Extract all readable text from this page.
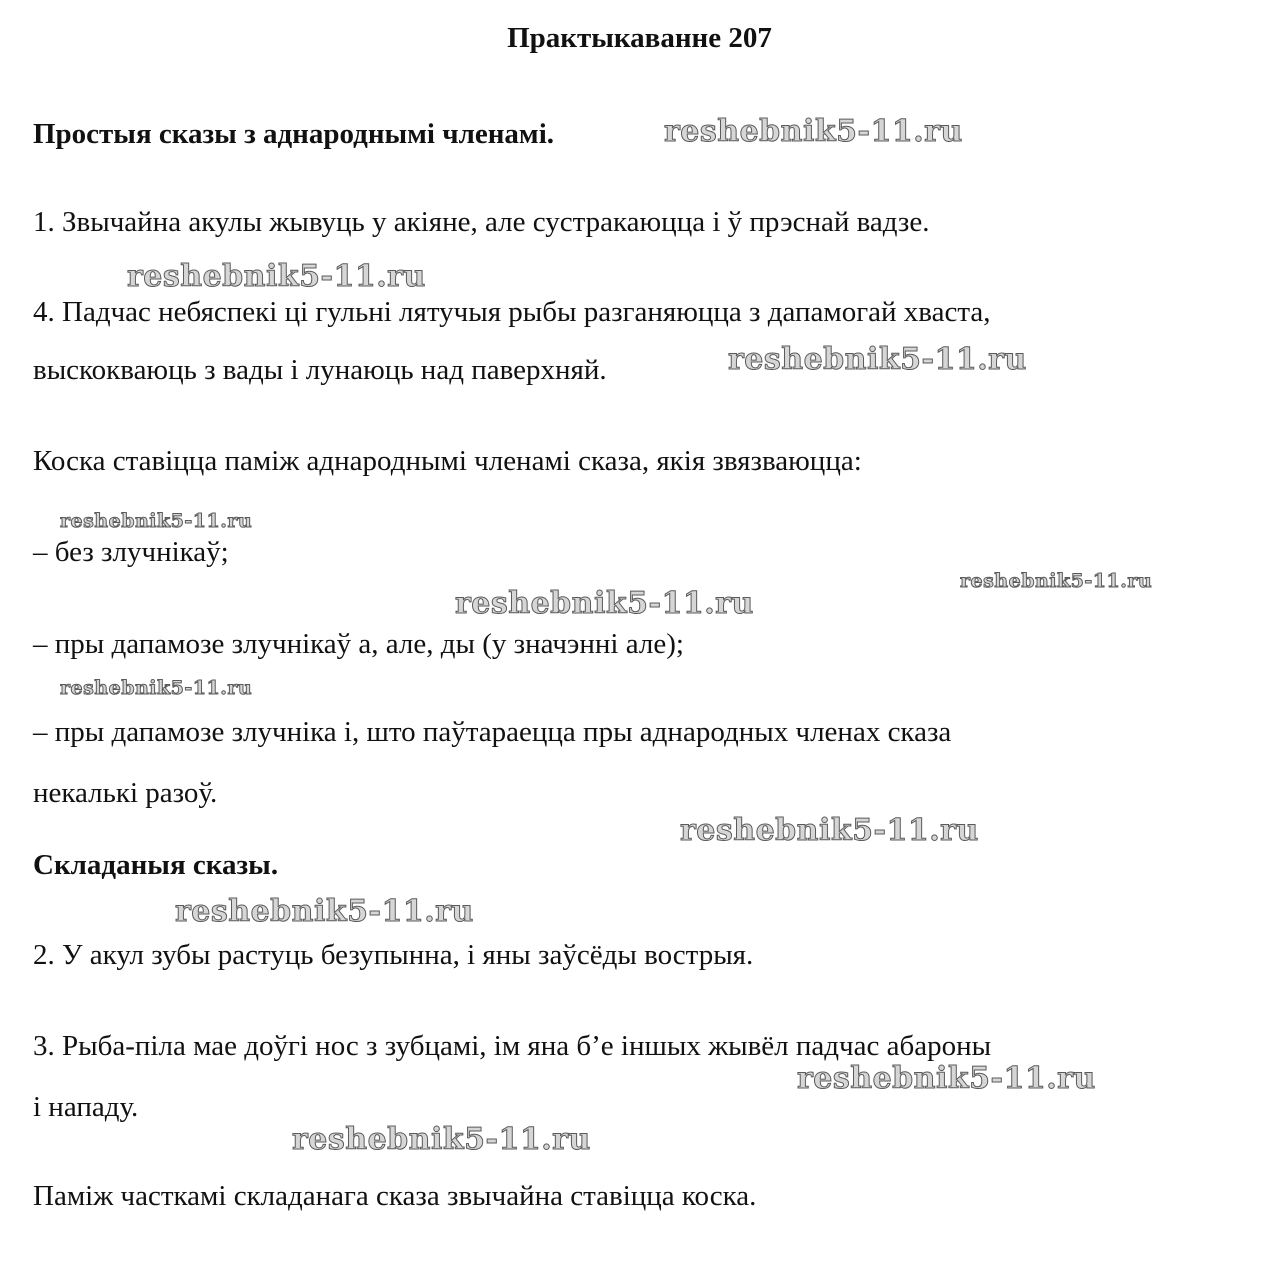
Практыкаванне 207
Простыя сказы з аднароднымі членамі.
1. Звычайна акулы жывуць у акіяне, але сустракаюцца і ў прэснай вадзе.
4. Падчас небяспекі ці гульні лятучыя рыбы разганяюцца з дапамогай хваста,
выскокваюць з вады і лунаюць над паверхняй.
Коска ставіцца паміж аднароднымі членамі сказа, якія звязваюцца:
– без злучнікаў;
– пры дапамозе злучнікаў а, але, ды (у значэнні але);
– пры дапамозе злучніка і, што паўтараецца пры аднародных членах сказа
некалькі разоў.
Складаныя сказы.
2. У акул зубы растуць безупынна, і яны заўсёды вострыя.
3. Рыба-піла мае доўгі нос з зубцамі, ім яна б’е іншых жывёл падчас абароны
і нападу.
Паміж часткамі складанага сказа звычайна ставіцца коска.
reshebnik5-11.ru
reshebnik5-11.ru
reshebnik5-11.ru
reshebnik5-11.ru
reshebnik5-11.ru
reshebnik5-11.ru
reshebnik5-11.ru
reshebnik5-11.ru
reshebnik5-11.ru
reshebnik5-11.ru
reshebnik5-11.ru
